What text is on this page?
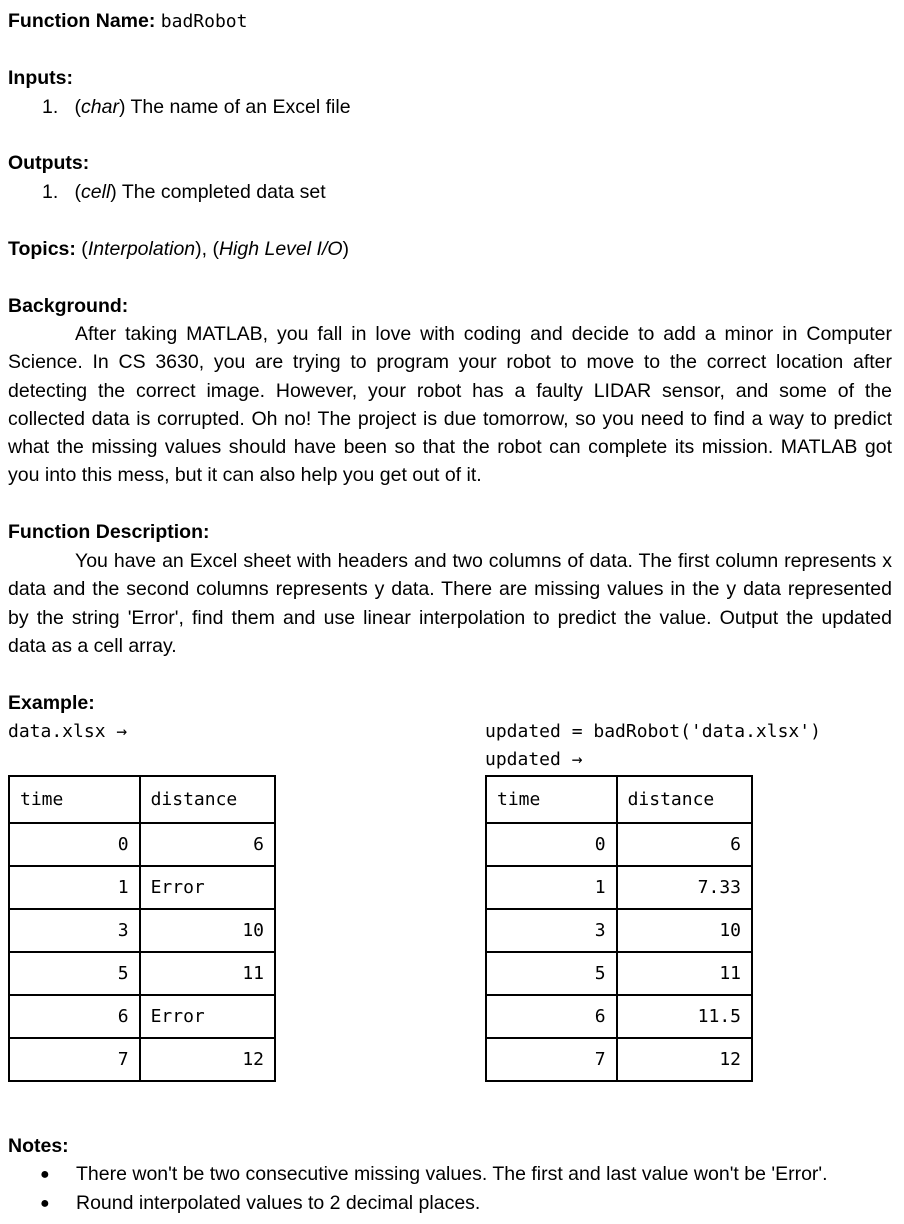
Function Name: badRobot
Inputs:
1.   (char) The name of an Excel file
Outputs:
1.   (cell) The completed data set
Topics: (Interpolation), (High Level I/O)
Background:

After taking MATLAB, you fall in love with coding and decide to add a minor in Computer Science. In CS 3630, you are trying to program your robot to move to the correct location after detecting the correct image. However, your robot has a faulty LIDAR sensor, and some of the collected data is corrupted. Oh no! The project is due tomorrow, so you need to find a way to predict what the missing values should have been so that the robot can complete its mission. MATLAB got you into this mess, but it can also help you get out of it.

Function Description:

You have an Excel sheet with headers and two columns of data. The first column represents x data and the second columns represents y data. There are missing values in the y data represented by the string 'Error', find them and use linear interpolation to predict the value. Output the updated data as a cell array.

Example:
data.xlsx →	updated = badRobot('data.xlsx')
updated →
time	distance
0	6
1	Error
3	10
5	11
6	Error
7	12
time	distance
0	6
1	7.33
3	10
5	11
6	11.5
7	12
Notes:
● There won't be two consecutive missing values. The first and last value won't be 'Error'.
● Round interpolated values to 2 decimal places.
